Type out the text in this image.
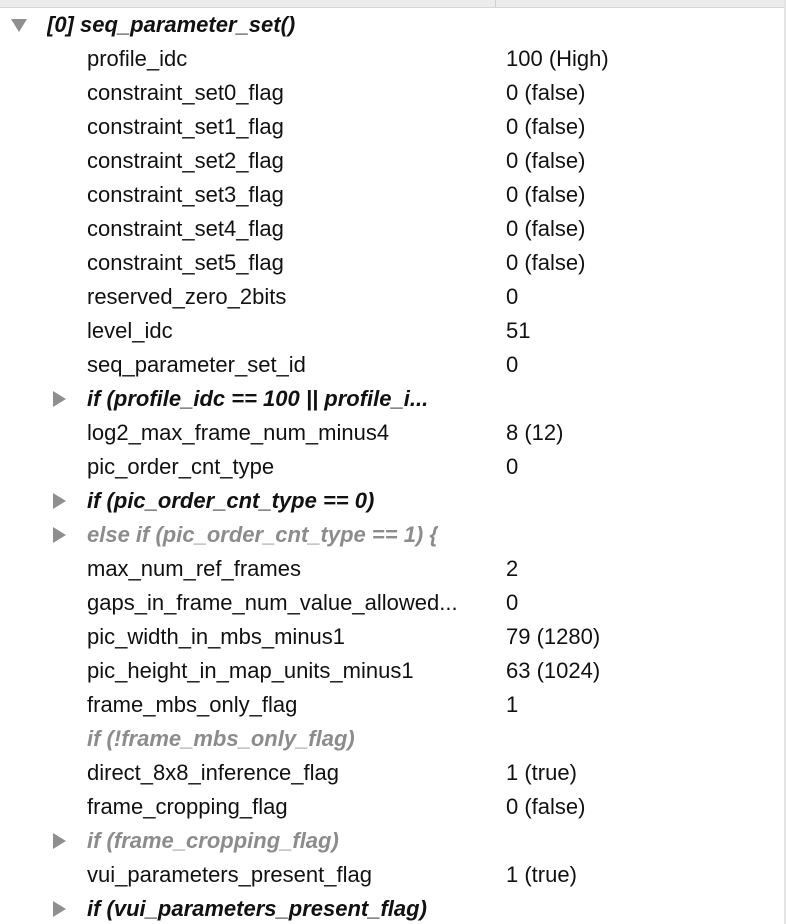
[0] seq_parameter_set()
profile_idc	100 (High)
constraint_set0_flag	0 (false)
constraint_set1_flag	0 (false)
constraint_set2_flag	0 (false)
constraint_set3_flag	0 (false)
constraint_set4_flag	0 (false)
constraint_set5_flag	0 (false)
reserved_zero_2bits	0
level_idc	51
seq_parameter_set_id	0
if (profile_idc == 100 || profile_i...
log2_max_frame_num_minus4	8 (12)
pic_order_cnt_type	0
if (pic_order_cnt_type == 0)
else if (pic_order_cnt_type == 1) {
max_num_ref_frames	2
gaps_in_frame_num_value_allowed... 0
pic_width_in_mbs_minus1	79 (1280)
pic_height_in_map_units_minus1	63 (1024)
frame_mbs_only_flag	1
if (!frame_mbs_only_flag)
direct_8x8_inference_flag	1 (true)
frame_cropping_flag	0 (false)
if (frame_cropping_flag)
vui_parameters_present_flag	1 (true)
if (vui_parameters_present_flag)
